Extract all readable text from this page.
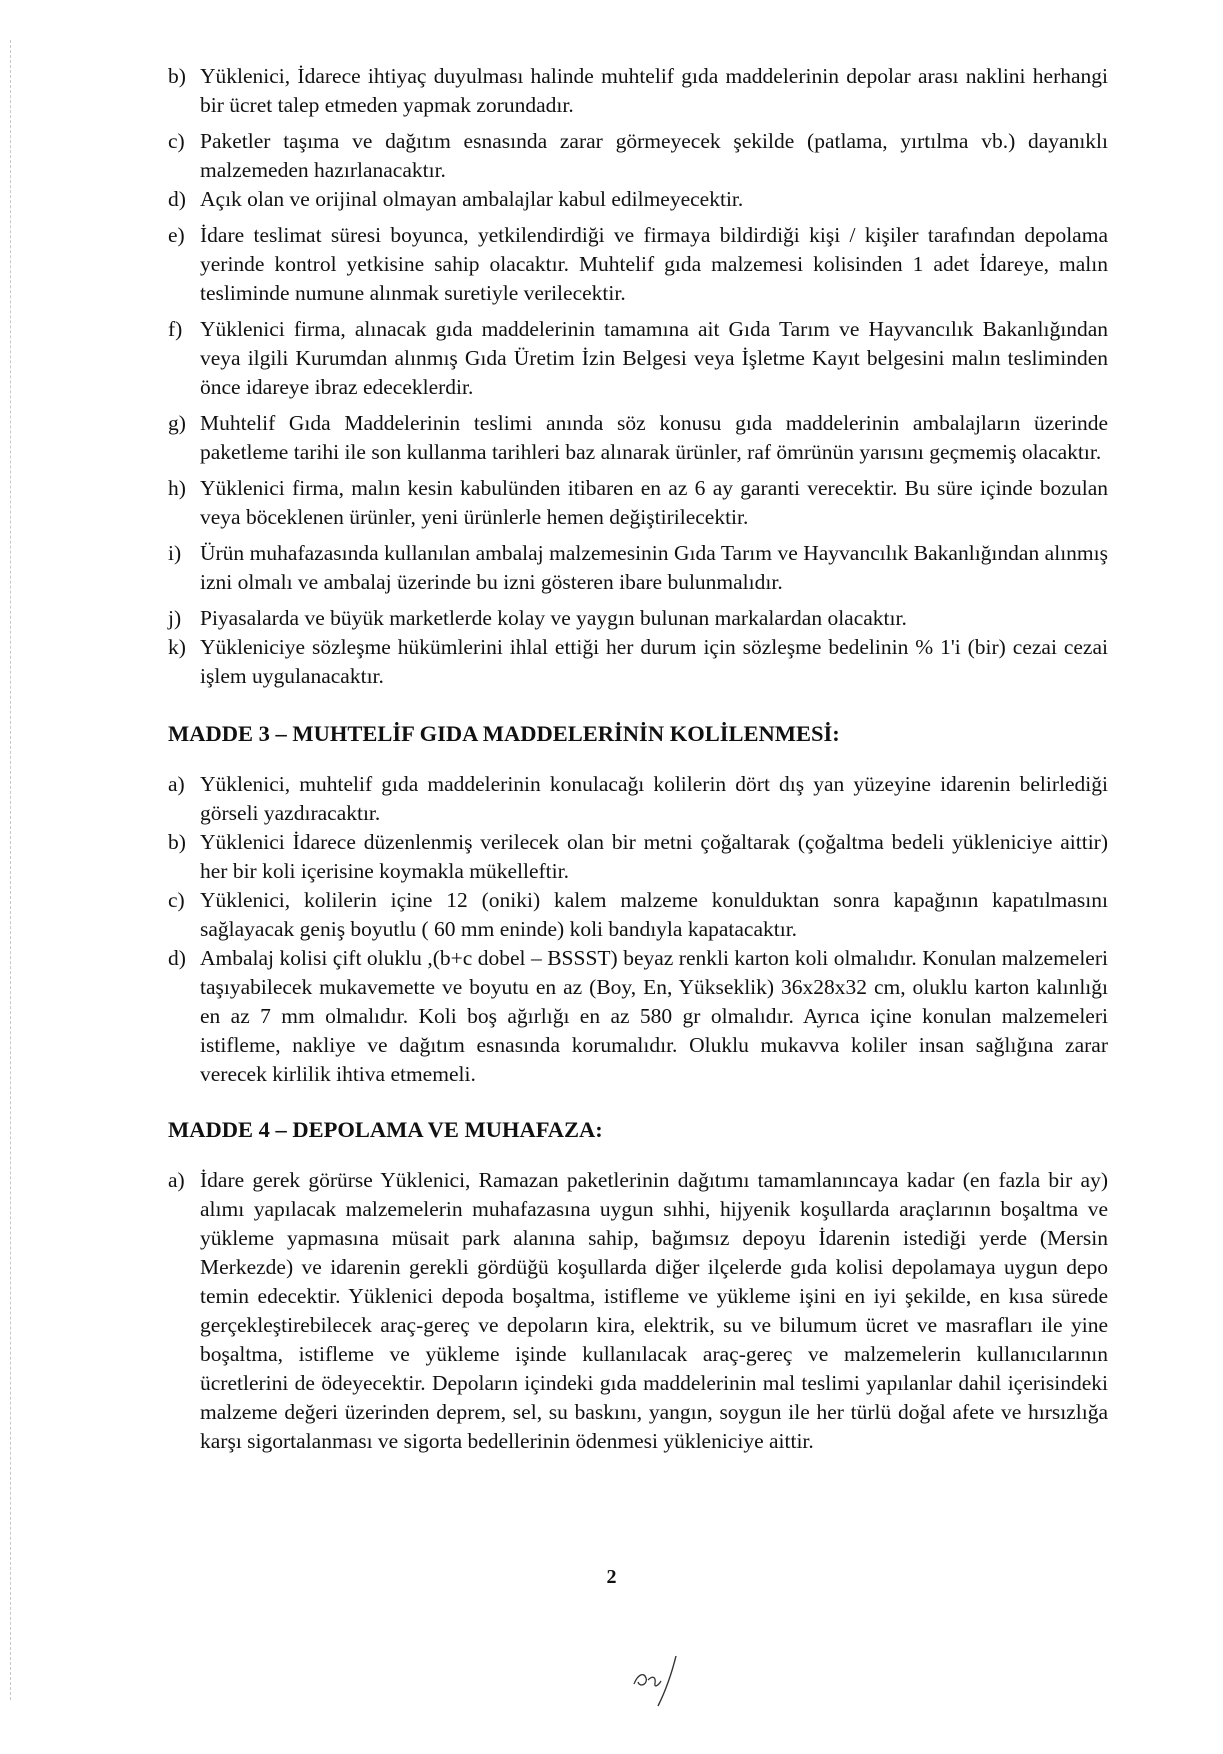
b) Yüklenici, İdarece ihtiyaç duyulması halinde muhtelif gıda maddelerinin depolar arası naklini herhangi bir ücret talep etmeden yapmak zorundadır.
c) Paketler taşıma ve dağıtım esnasında zarar görmeyecek şekilde (patlama, yırtılma vb.) dayanıklı malzemeden hazırlanacaktır.
d) Açık olan ve orijinal olmayan ambalajlar kabul edilmeyecektir.
e) İdare teslimat süresi boyunca, yetkilendirdiği ve firmaya bildirdiği kişi / kişiler tarafından depolama yerinde kontrol yetkisine sahip olacaktır. Muhtelif gıda malzemesi kolisinden 1 adet İdareye, malın tesliminde numune alınmak suretiyle verilecektir.
f) Yüklenici firma, alınacak gıda maddelerinin tamamına ait Gıda Tarım ve Hayvancılık Bakanlığından veya ilgili Kurumdan alınmış Gıda Üretim İzin Belgesi veya İşletme Kayıt belgesini malın tesliminden önce idareye ibraz edeceklerdir.
g) Muhtelif Gıda Maddelerinin teslimi anında söz konusu gıda maddelerinin ambalajların üzerinde paketleme tarihi ile son kullanma tarihleri baz alınarak ürünler, raf ömrünün yarısını geçmemiş olacaktır.
h) Yüklenici firma, malın kesin kabulünden itibaren en az 6 ay garanti verecektir. Bu süre içinde bozulan veya böceklenen ürünler, yeni ürünlerle hemen değiştirilecektir.
i) Ürün muhafazasında kullanılan ambalaj malzemesinin Gıda Tarım ve Hayvancılık Bakanlığından alınmış izni olmalı ve ambalaj üzerinde bu izni gösteren ibare bulunmalıdır.
j) Piyasalarda ve büyük marketlerde kolay ve yaygın bulunan markalardan olacaktır.
k) Yükleniciye sözleşme hükümlerini ihlal ettiği her durum için sözleşme bedelinin % 1'i (bir) cezai cezai işlem uygulanacaktır.
MADDE 3 – MUHTELİF GIDA MADDELERİNİN KOLİLENMESİ:
a) Yüklenici, muhtelif gıda maddelerinin konulacağı kolilerin dört dış yan yüzeyine idarenin belirlediği görseli yazdıracaktır.
b) Yüklenici İdarece düzenlenmiş verilecek olan bir metni çoğaltarak (çoğaltma bedeli yükleniciye aittir) her bir koli içerisine koymakla mükelleftir.
c) Yüklenici, kolilerin içine 12 (oniki) kalem malzeme konulduktan sonra kapağının kapatılmasını sağlayacak geniş boyutlu ( 60 mm eninde) koli bandıyla kapatacaktır.
d) Ambalaj kolisi çift oluklu ,(b+c dobel – BSSST) beyaz renkli karton koli olmalıdır. Konulan malzemeleri taşıyabilecek mukavemette ve boyutu en az (Boy, En, Yükseklik) 36x28x32 cm, oluklu karton kalınlığı en az 7 mm olmalıdır. Koli boş ağırlığı en az 580 gr olmalıdır. Ayrıca içine konulan malzemeleri istifleme, nakliye ve dağıtım esnasında korumalıdır. Oluklu mukavva koliler insan sağlığına zarar verecek kirlilik ihtiva etmemeli.
MADDE 4 – DEPOLAMA VE MUHAFAZA:
a) İdare gerek görürse Yüklenici, Ramazan paketlerinin dağıtımı tamamlanıncaya kadar (en fazla bir ay) alımı yapılacak malzemelerin muhafazasına uygun sıhhi, hijyenik koşullarda araçlarının boşaltma ve yükleme yapmasına müsait park alanına sahip, bağımsız depoyu İdarenin istediği yerde (Mersin Merkezde) ve idarenin gerekli gördüğü koşullarda diğer ilçelerde gıda kolisi depolamaya uygun depo temin edecektir. Yüklenici depoda boşaltma, istifleme ve yükleme işini en iyi şekilde, en kısa sürede gerçekleştirebilecek araç-gereç ve depoların kira, elektrik, su ve bilumum ücret ve masrafları ile yine boşaltma, istifleme ve yükleme işinde kullanılacak araç-gereç ve malzemelerin kullanıcılarının ücretlerini de ödeyecektir. Depoların içindeki gıda maddelerinin mal teslimi yapılanlar dahil içerisindeki malzeme değeri üzerinden deprem, sel, su baskını, yangın, soygun ile her türlü doğal afete ve hırsızlığa karşı sigortalanması ve sigorta bedellerinin ödenmesi yükleniciye aittir.
2
